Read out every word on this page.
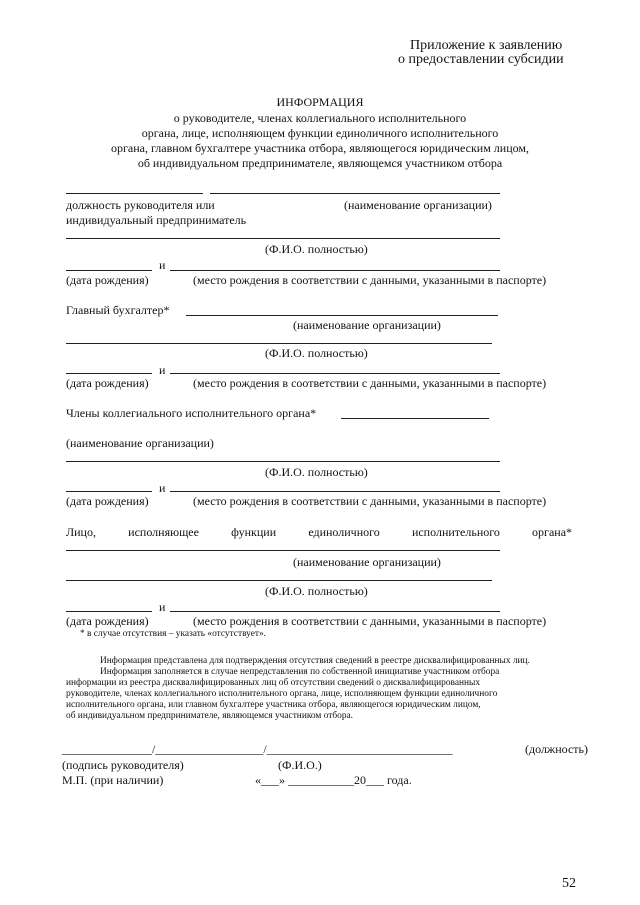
Приложение к заявлению
о предоставлении субсидии
ИНФОРМАЦИЯ
о руководителе, членах коллегиального исполнительного
органа, лице, исполняющем функции единоличного исполнительного
органа, главном бухгалтере участника отбора, являющегося юридическим лицом,
об индивидуальном предпринимателе, являющемся участником отбора
должность руководителя или	(наименование организации)
индивидуальный предприниматель
(Ф.И.О. полностью)
и
(дата рождения)	(место рождения в соответствии с данными, указанными в паспорте)
Главный бухгалтер*
(наименование организации)
(Ф.И.О. полностью)
и
(дата рождения)	(место рождения в соответствии с данными, указанными в паспорте)
Члены коллегиального исполнительного органа*
(наименование организации)
(Ф.И.О. полностью)
и
(дата рождения)	(место рождения в соответствии с данными, указанными в паспорте)
Лицо,	исполняющее	функции	единоличного	исполнительного	органа*
(наименование организации)
(Ф.И.О. полностью)
и
(дата рождения)	(место рождения в соответствии с данными, указанными в паспорте)
* в случае отсутствия – указать «отсутствует».
Информация представлена для подтверждения отсутствия сведений в реестре дисквалифицированных лиц.
Информация заполняется в случае непредставления по собственной инициативе участником отбора
информации из реестра дисквалифицированных лиц об отсутствии сведений о дисквалифицированных
руководителе, членах коллегиального исполнительного органа, лице, исполняющем функции единоличного
исполнительного органа, или главном бухгалтере участника отбора, являющегося юридическим лицом,
об индивидуальном предпринимателе, являющемся участником отбора.
_______________/__________________/_______________________________	(должность)
(подпись руководителя)	(Ф.И.О.)
М.П. (при наличии)	«___» ___________20___ года.
52
